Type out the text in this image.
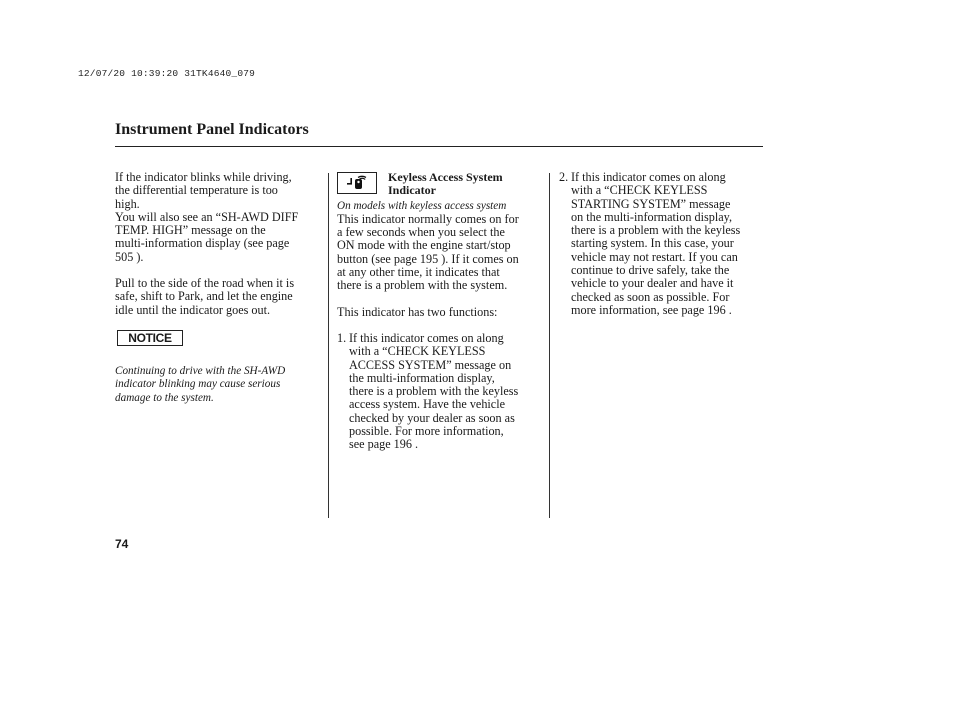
12/07/20 10:39:20 31TK4640_079
Instrument Panel Indicators

If the indicator blinks while driving,
the differential temperature is too
high.

You will also see an “SH-AWD DIFF
TEMP. HIGH” message on the
multi-information display (see page
505 ).

Pull to the side of the road when it is
safe, shift to Park, and let the engine
idle until the indicator goes out.

NOTICE

Continuing to drive with the SH-AWD
indicator blinking may cause serious
damage to the system.

Keyless Access System
Indicator

On models with keyless access system

This indicator normally comes on for
a few seconds when you select the
ON mode with the engine start/stop
button (see page 195 ). If it comes on
at any other time, it indicates that
there is a problem with the system.

This indicator has two functions:

1. If this indicator comes on along
with a “CHECK KEYLESS
ACCESS SYSTEM” message on
the multi-information display,
there is a problem with the keyless
access system. Have the vehicle
checked by your dealer as soon as
possible. For more information,
see page 196 .
2. If this indicator comes on along
with a “CHECK KEYLESS
STARTING SYSTEM” message
on the multi-information display,
there is a problem with the keyless
starting system. In this case, your
vehicle may not restart. If you can
continue to drive safely, take the
vehicle to your dealer and have it
checked as soon as possible. For
more information, see page 196 .
74
